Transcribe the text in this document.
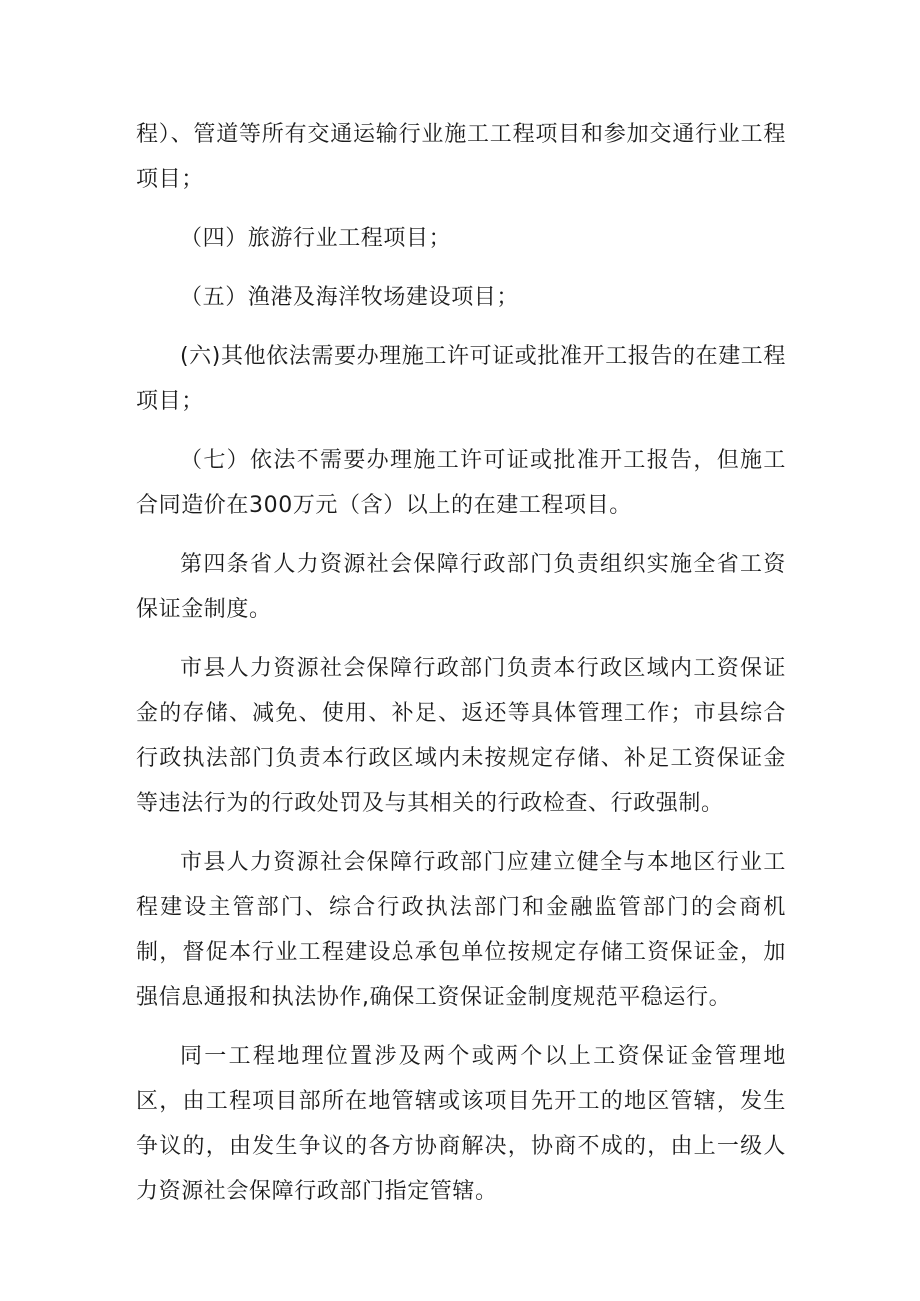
程）、管道等所有交通运输行业施工工程项目和参加交通行业工程项目；

（四）旅游行业工程项目；

（五）渔港及海洋牧场建设项目；

(六)其他依法需要办理施工许可证或批准开工报告的在建工程项目；

（七）依法不需要办理施工许可证或批准开工报告，但施工合同造价在300万元（含）以上的在建工程项目。

第四条省人力资源社会保障行政部门负责组织实施全省工资保证金制度。

市县人力资源社会保障行政部门负责本行政区域内工资保证金的存储、减免、使用、补足、返还等具体管理工作；市县综合行政执法部门负责本行政区域内未按规定存储、补足工资保证金等违法行为的行政处罚及与其相关的行政检查、行政强制。

市县人力资源社会保障行政部门应建立健全与本地区行业工程建设主管部门、综合行政执法部门和金融监管部门的会商机制，督促本行业工程建设总承包单位按规定存储工资保证金，加强信息通报和执法协作,确保工资保证金制度规范平稳运行。

同一工程地理位置涉及两个或两个以上工资保证金管理地区，由工程项目部所在地管辖或该项目先开工的地区管辖，发生争议的，由发生争议的各方协商解决，协商不成的，由上一级人力资源社会保障行政部门指定管辖。
